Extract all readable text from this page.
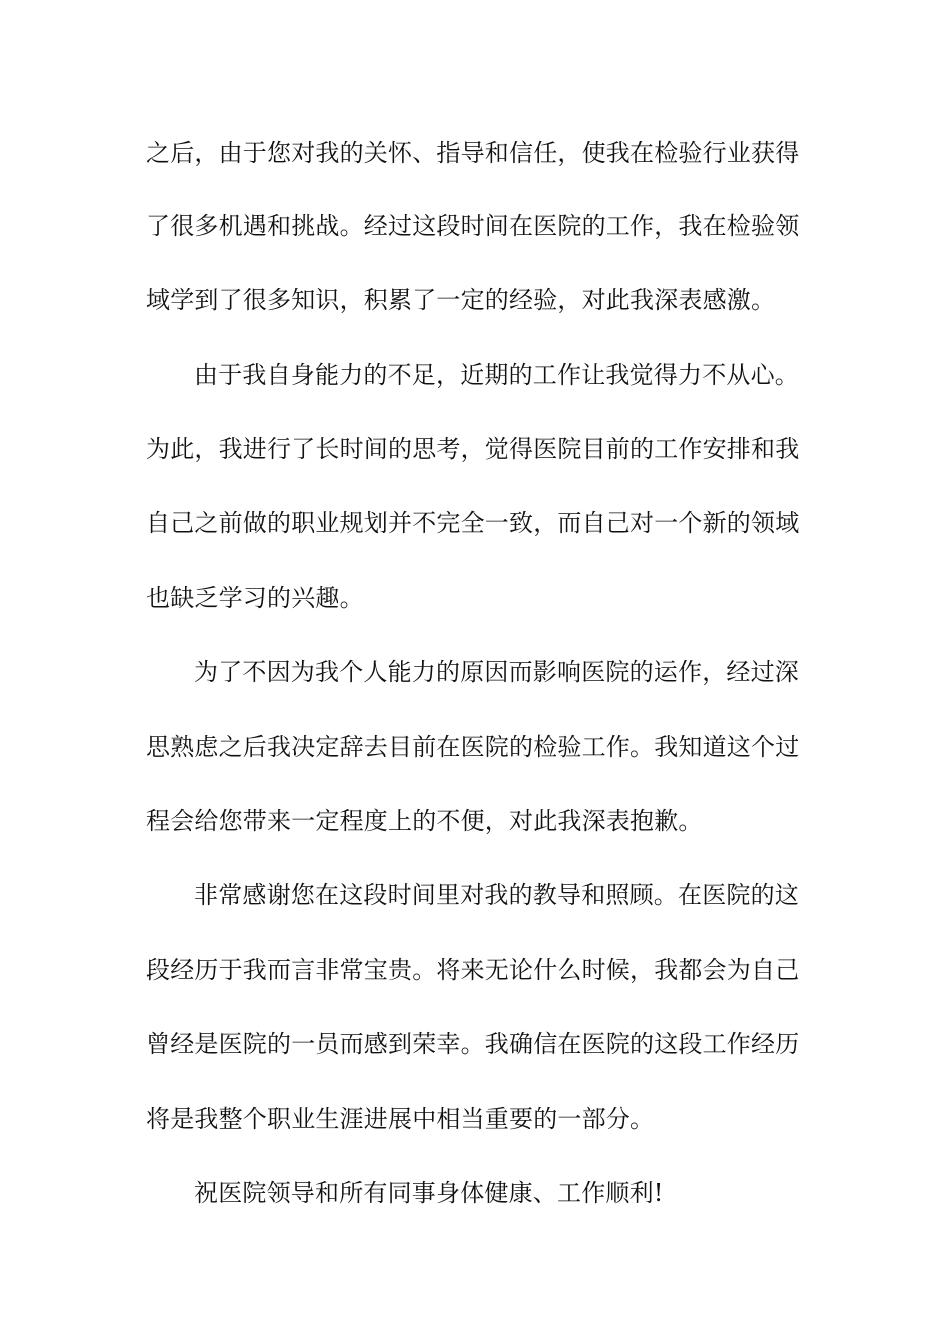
之后，由于您对我的关怀、指导和信任，使我在检验行业获得
了很多机遇和挑战。经过这段时间在医院的工作，我在检验领
域学到了很多知识，积累了一定的经验，对此我深表感激。
由于我自身能力的不足，近期的工作让我觉得力不从心。
为此，我进行了长时间的思考，觉得医院目前的工作安排和我
自己之前做的职业规划并不完全一致，而自己对一个新的领域
也缺乏学习的兴趣。
为了不因为我个人能力的原因而影响医院的运作，经过深
思熟虑之后我决定辞去目前在医院的检验工作。我知道这个过
程会给您带来一定程度上的不便，对此我深表抱歉。
非常感谢您在这段时间里对我的教导和照顾。在医院的这
段经历于我而言非常宝贵。将来无论什么时候，我都会为自己
曾经是医院的一员而感到荣幸。我确信在医院的这段工作经历
将是我整个职业生涯进展中相当重要的一部分。
祝医院领导和所有同事身体健康、工作顺利!
